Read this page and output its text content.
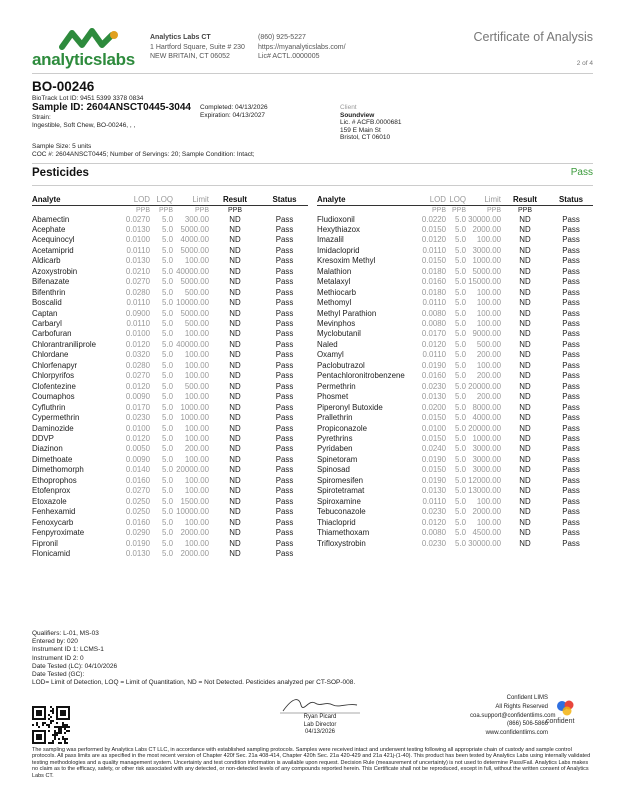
analyticslabs
Analytics Labs CT
1 Hartford Square, Suite # 230
NEW BRITAIN, CT 06052
(860) 925-5227
https://myanalyticslabs.com/
Lic# ACTL.0000005
Certificate of Analysis
2 of 4
BO-00246
BioTrack Lot ID: 9451 5399 3378 0834
Sample ID: 2604ANSCT0445-3044
Strain:
Ingestible, Soft Chew, BO-00246, , ,
Completed: 04/13/2026
Expiration: 04/13/2027
Sample Size: 5 units
COC #: 2604ANSCT0445; Number of Servings: 20; Sample Condition: Intact;
Client
Soundview
Lic. # ACFB.0000681
159 E Main St
Bristol, CT 06010
Pesticides	Pass
Analyte	LOD	LOQ	Limit	Result	Status
	PPB	PPB	PPB	PPB	
Abamectin	0.0270	5.0	300.00	ND	Pass
Acephate	0.0130	5.0	5000.00	ND	Pass
Acequinocyl	0.0100	5.0	4000.00	ND	Pass
Acetamiprid	0.0110	5.0	5000.00	ND	Pass
Aldicarb	0.0130	5.0	100.00	ND	Pass
Azoxystrobin	0.0210	5.0	40000.00	ND	Pass
Bifenazate	0.0270	5.0	5000.00	ND	Pass
Bifenthrin	0.0280	5.0	500.00	ND	Pass
Boscalid	0.0110	5.0	10000.00	ND	Pass
Captan	0.0900	5.0	5000.00	ND	Pass
Carbaryl	0.0110	5.0	500.00	ND	Pass
Carbofuran	0.0100	5.0	100.00	ND	Pass
Chlorantraniliprole	0.0120	5.0	40000.00	ND	Pass
Chlordane	0.0320	5.0	100.00	ND	Pass
Chlorfenapyr	0.0280	5.0	100.00	ND	Pass
Chlorpyrifos	0.0270	5.0	100.00	ND	Pass
Clofentezine	0.0120	5.0	500.00	ND	Pass
Coumaphos	0.0090	5.0	100.00	ND	Pass
Cyfluthrin	0.0170	5.0	1000.00	ND	Pass
Cypermethrin	0.0230	5.0	1000.00	ND	Pass
Daminozide	0.0100	5.0	100.00	ND	Pass
DDVP	0.0120	5.0	100.00	ND	Pass
Diazinon	0.0050	5.0	200.00	ND	Pass
Dimethoate	0.0090	5.0	100.00	ND	Pass
Dimethomorph	0.0140	5.0	20000.00	ND	Pass
Ethoprophos	0.0160	5.0	100.00	ND	Pass
Etofenprox	0.0270	5.0	100.00	ND	Pass
Etoxazole	0.0250	5.0	1500.00	ND	Pass
Fenhexamid	0.0250	5.0	10000.00	ND	Pass
Fenoxycarb	0.0160	5.0	100.00	ND	Pass
Fenpyroximate	0.0290	5.0	2000.00	ND	Pass
Fipronil	0.0190	5.0	100.00	ND	Pass
Flonicamid	0.0130	5.0	2000.00	ND	Pass
Analyte	LOD	LOQ	Limit	Result	Status
	PPB	PPB	PPB	PPB	
Fludioxonil	0.0220	5.0	30000.00	ND	Pass
Hexythiazox	0.0150	5.0	2000.00	ND	Pass
Imazalil	0.0120	5.0	100.00	ND	Pass
Imidacloprid	0.0110	5.0	3000.00	ND	Pass
Kresoxim Methyl	0.0150	5.0	1000.00	ND	Pass
Malathion	0.0180	5.0	5000.00	ND	Pass
Metalaxyl	0.0160	5.0	15000.00	ND	Pass
Methiocarb	0.0180	5.0	100.00	ND	Pass
Methomyl	0.0110	5.0	100.00	ND	Pass
Methyl Parathion	0.0080	5.0	100.00	ND	Pass
Mevinphos	0.0080	5.0	100.00	ND	Pass
Myclobutanil	0.0170	5.0	9000.00	ND	Pass
Naled	0.0120	5.0	500.00	ND	Pass
Oxamyl	0.0110	5.0	200.00	ND	Pass
Paclobutrazol	0.0190	5.0	100.00	ND	Pass
Pentachloronitrobenzene	0.0160	5.0	200.00	ND	Pass
Permethrin	0.0230	5.0	20000.00	ND	Pass
Phosmet	0.0130	5.0	200.00	ND	Pass
Piperonyl Butoxide	0.0200	5.0	8000.00	ND	Pass
Prallethrin	0.0150	5.0	4000.00	ND	Pass
Propiconazole	0.0100	5.0	20000.00	ND	Pass
Pyrethrins	0.0150	5.0	1000.00	ND	Pass
Pyridaben	0.0240	5.0	3000.00	ND	Pass
Spinetoram	0.0190	5.0	3000.00	ND	Pass
Spinosad	0.0150	5.0	3000.00	ND	Pass
Spiromesifen	0.0190	5.0	12000.00	ND	Pass
Spirotetramat	0.0130	5.0	13000.00	ND	Pass
Spiroxamine	0.0110	5.0	100.00	ND	Pass
Tebuconazole	0.0230	5.0	2000.00	ND	Pass
Thiacloprid	0.0120	5.0	100.00	ND	Pass
Thiamethoxam	0.0080	5.0	4500.00	ND	Pass
Trifloxystrobin	0.0230	5.0	30000.00	ND	Pass
Qualifiers: L-01, MS-03
Entered by: 020
Instrument ID 1: LCMS-1
Instrument ID 2: 0
Date Tested (LC): 04/10/2026
Date Tested (GC):
LOD= Limit of Detection, LOQ = Limit of Quantitation, ND = Not Detected. Pesticides analyzed per CT-SOP-008.
Ryan Picard
Lab Director
04/13/2026
Confident LIMS
All Rights Reserved
coa.support@confidentlims.com
(866) 506-5866
www.confidentlims.com
confident
The sampling was performed by Analytics Labs CT LLC, in accordance with established sampling protocols. Samples were received intact and underwent testing following all appropriate chain of custody and sample control protocols. All pass limits are as specified in the most recent version of Chapter 420f Sec. 21a 408-414, Chapter 420h Sec. 21a 420-429 and 21a 421j-(1-40). This product has been tested by Analytics Labs using internally validated testing methodologies and a quality management system. Uncertainty and test condition information is available upon request. Decision Rule (measurement of uncertainty) is not used to determine Pass/Fail. Analytics Labs makes no claim as to the efficacy, safety, or other risk associated with any detected, or non-detected levels of any compounds reported herein. This Certificate shall not be reproduced, except in full, without the written consent of Analytics Labs CT.
